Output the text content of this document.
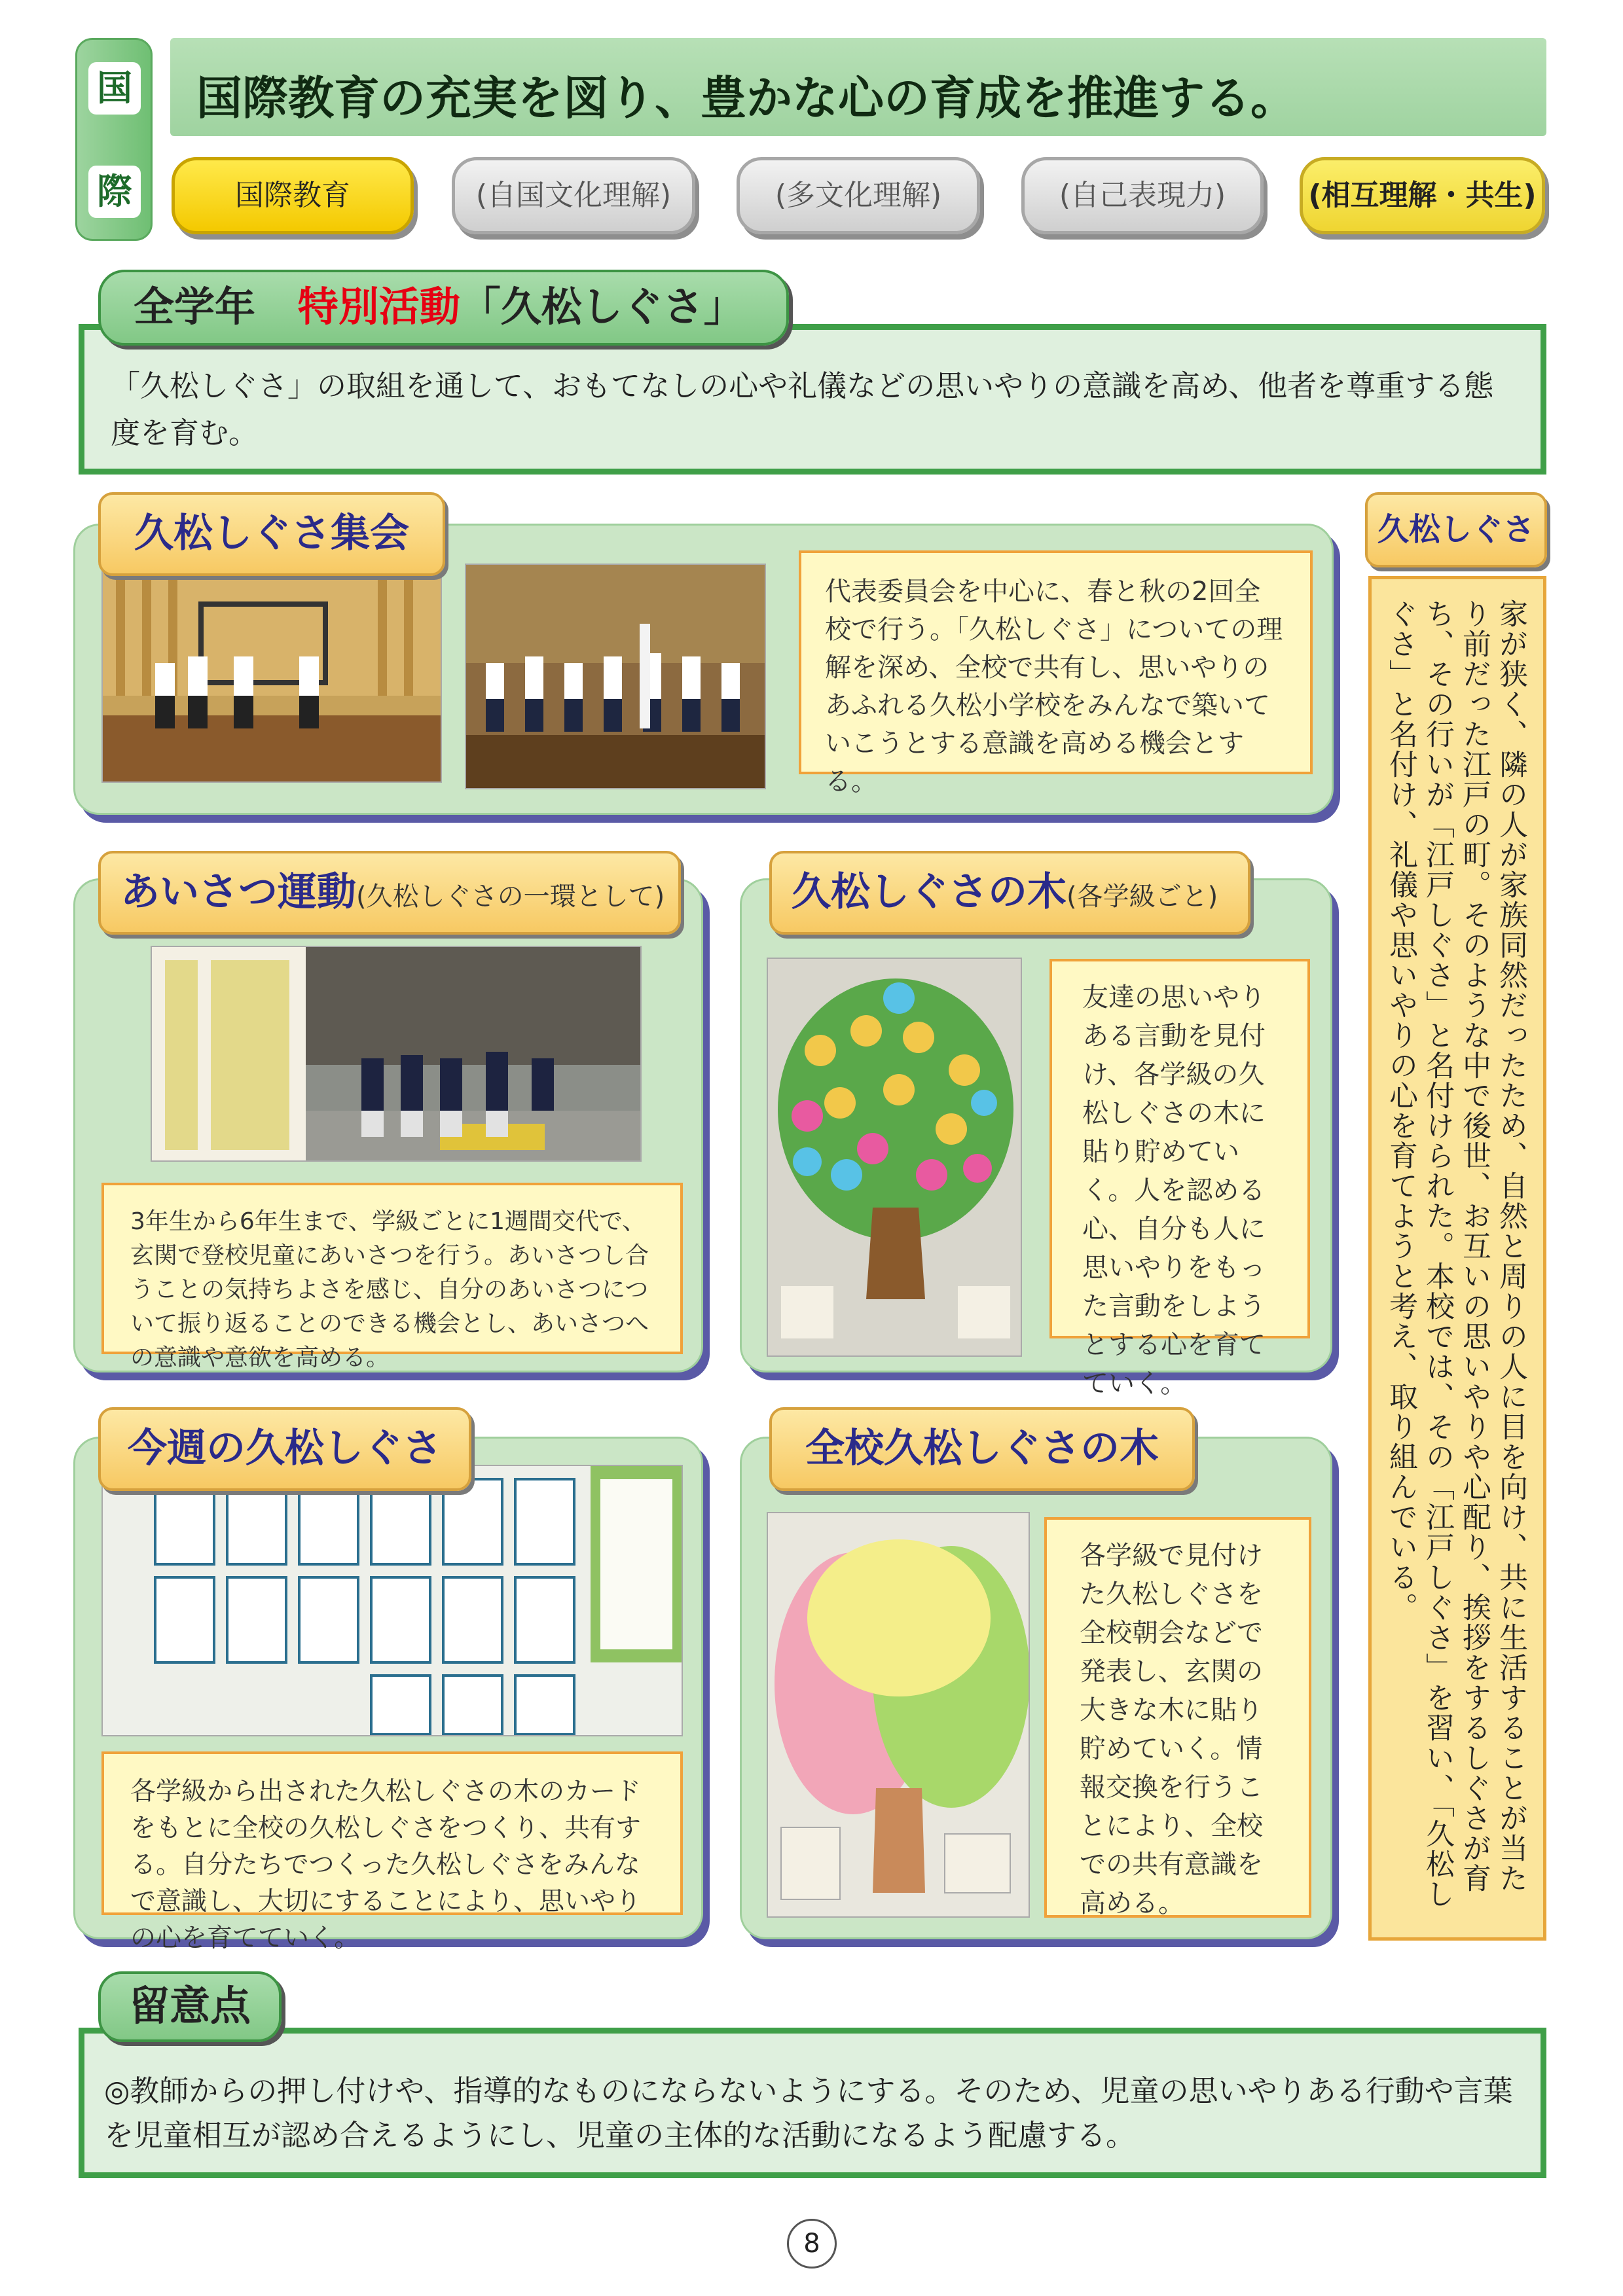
国
際
国際教育の充実を図り、豊かな心の育成を推進する。
国際教育	(自国文化理解)	(多文化理解)	(自己表現力)	(相互理解・共生)

「久松しぐさ」の取組を通して、おもてなしの心や礼儀などの思いやりの意識を高め、他者を尊重する態度を育む。

全学年 特別活動「久松しぐさ」

代表委員会を中心に、春と秋の2回全校で行う。「久松しぐさ」についての理解を深め、全校で共有し、思いやりのあふれる久松小学校をみんなで築いていこうとする意識を高める機会とする。

久松しぐさ集会

3年生から6年生まで、学級ごとに1週間交代で、玄関で登校児童にあいさつを行う。あいさつし合うことの気持ちよさを感じ、自分のあいさつについて振り返ることのできる機会とし、あいさつへの意識や意欲を高める。

あいさつ運動(久松しぐさの一環として)

友達の思いやりある言動を見付け、各学級の久松しぐさの木に貼り貯めていく。人を認める心、自分も人に思いやりをもった言動をしようとする心を育てていく。

久松しぐさの木(各学級ごと)

各学級から出された久松しぐさの木のカードをもとに全校の久松しぐさをつくり、共有する。自分たちでつくった久松しぐさをみんなで意識し、大切にすることにより、思いやりの心を育てていく。

今週の久松しぐさ

各学級で見付けた久松しぐさを全校朝会などで発表し、玄関の大きな木に貼り貯めていく。情報交換を行うことにより、全校での共有意識を高める。

全校久松しぐさの木	家が狭く、隣の人が家族同然だったため、自然と周りの人に目を向け、共に生活することが当たり前だった江戸の町。そのような中で後世、お互いの思いやりや心配り、挨拶をするしぐさが育ち、その行いが「江戸しぐさ」と名付けられた。本校では、その「江戸しぐさ」を習い、「久松しぐさ」と名付け、礼儀や思いやりの心を育てようと考え、取り組んでいる。

久松しぐさ

◎教師からの押し付けや、指導的なものにならないようにする。そのため、児童の思いやりある行動や言葉を児童相互が認め合えるようにし、児童の主体的な活動になるよう配慮する。

留意点
8
